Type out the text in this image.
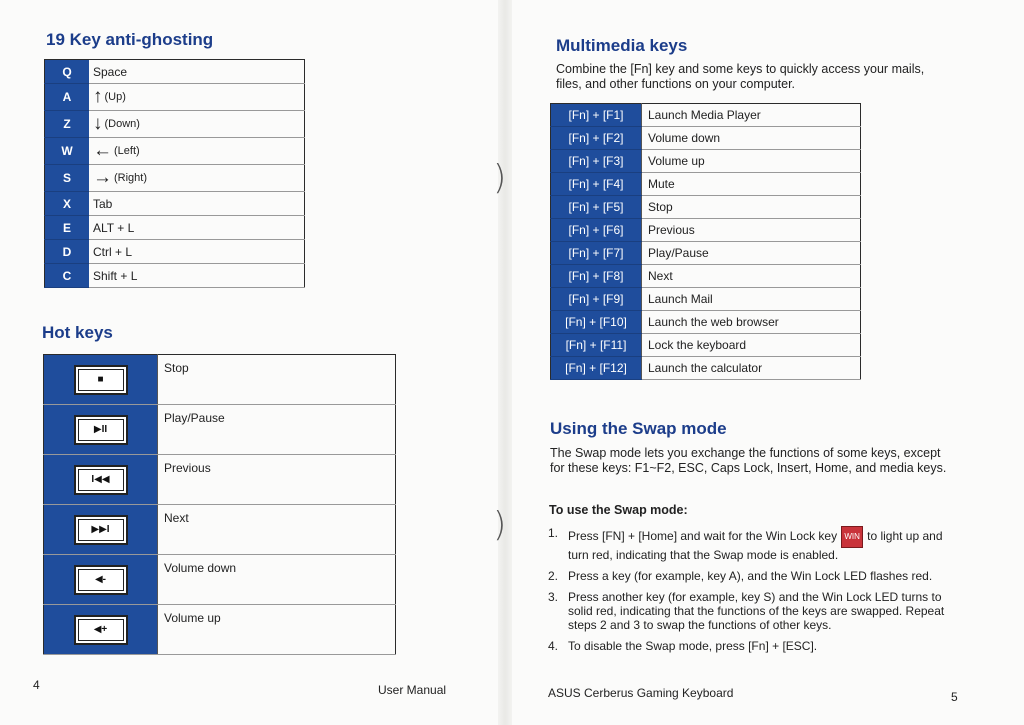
)
)
19 Key anti-ghosting
Q	Space
A	↑ (Up)
Z	↓ (Down)
W	← (Left)
S	→ (Right)
X	Tab
E	ALT + L
D	Ctrl + L
C	Shift + L
Hot keys
■	Stop
▶II	Play/Pause
I◀◀	Previous
▶▶I	Next
◀-	Volume down
◀+	Volume up
4	User Manual
Multimedia keys
Combine the [Fn] key and some keys to quickly access your mails, files, and other functions on your computer.
[Fn] + [F1]	Launch Media Player
[Fn] + [F2]	Volume down
[Fn] + [F3]	Volume up
[Fn] + [F4]	Mute
[Fn] + [F5]	Stop
[Fn] + [F6]	Previous
[Fn] + [F7]	Play/Pause
[Fn] + [F8]	Next
[Fn] + [F9]	Launch Mail
[Fn] + [F10]	Launch the web browser
[Fn] + [F11]	Lock the keyboard
[Fn] + [F12]	Launch the calculator
Using the Swap mode
The Swap mode lets you exchange the functions of some keys, except for these keys: F1~F2, ESC, Caps Lock, Insert, Home, and media keys.
To use the Swap mode:
1. Press [FN] + [Home] and wait for the Win Lock key WIN to light up and turn red, indicating that the Swap mode is enabled.
2. Press a key (for example, key A), and the Win Lock LED flashes red.
3. Press another key (for example, key S) and the Win Lock LED turns to solid red, indicating that the functions of the keys are swapped. Repeat steps 2 and 3 to swap the functions of other keys.
4. To disable the Swap mode, press [Fn] + [ESC].
ASUS Cerberus Gaming Keyboard	5
